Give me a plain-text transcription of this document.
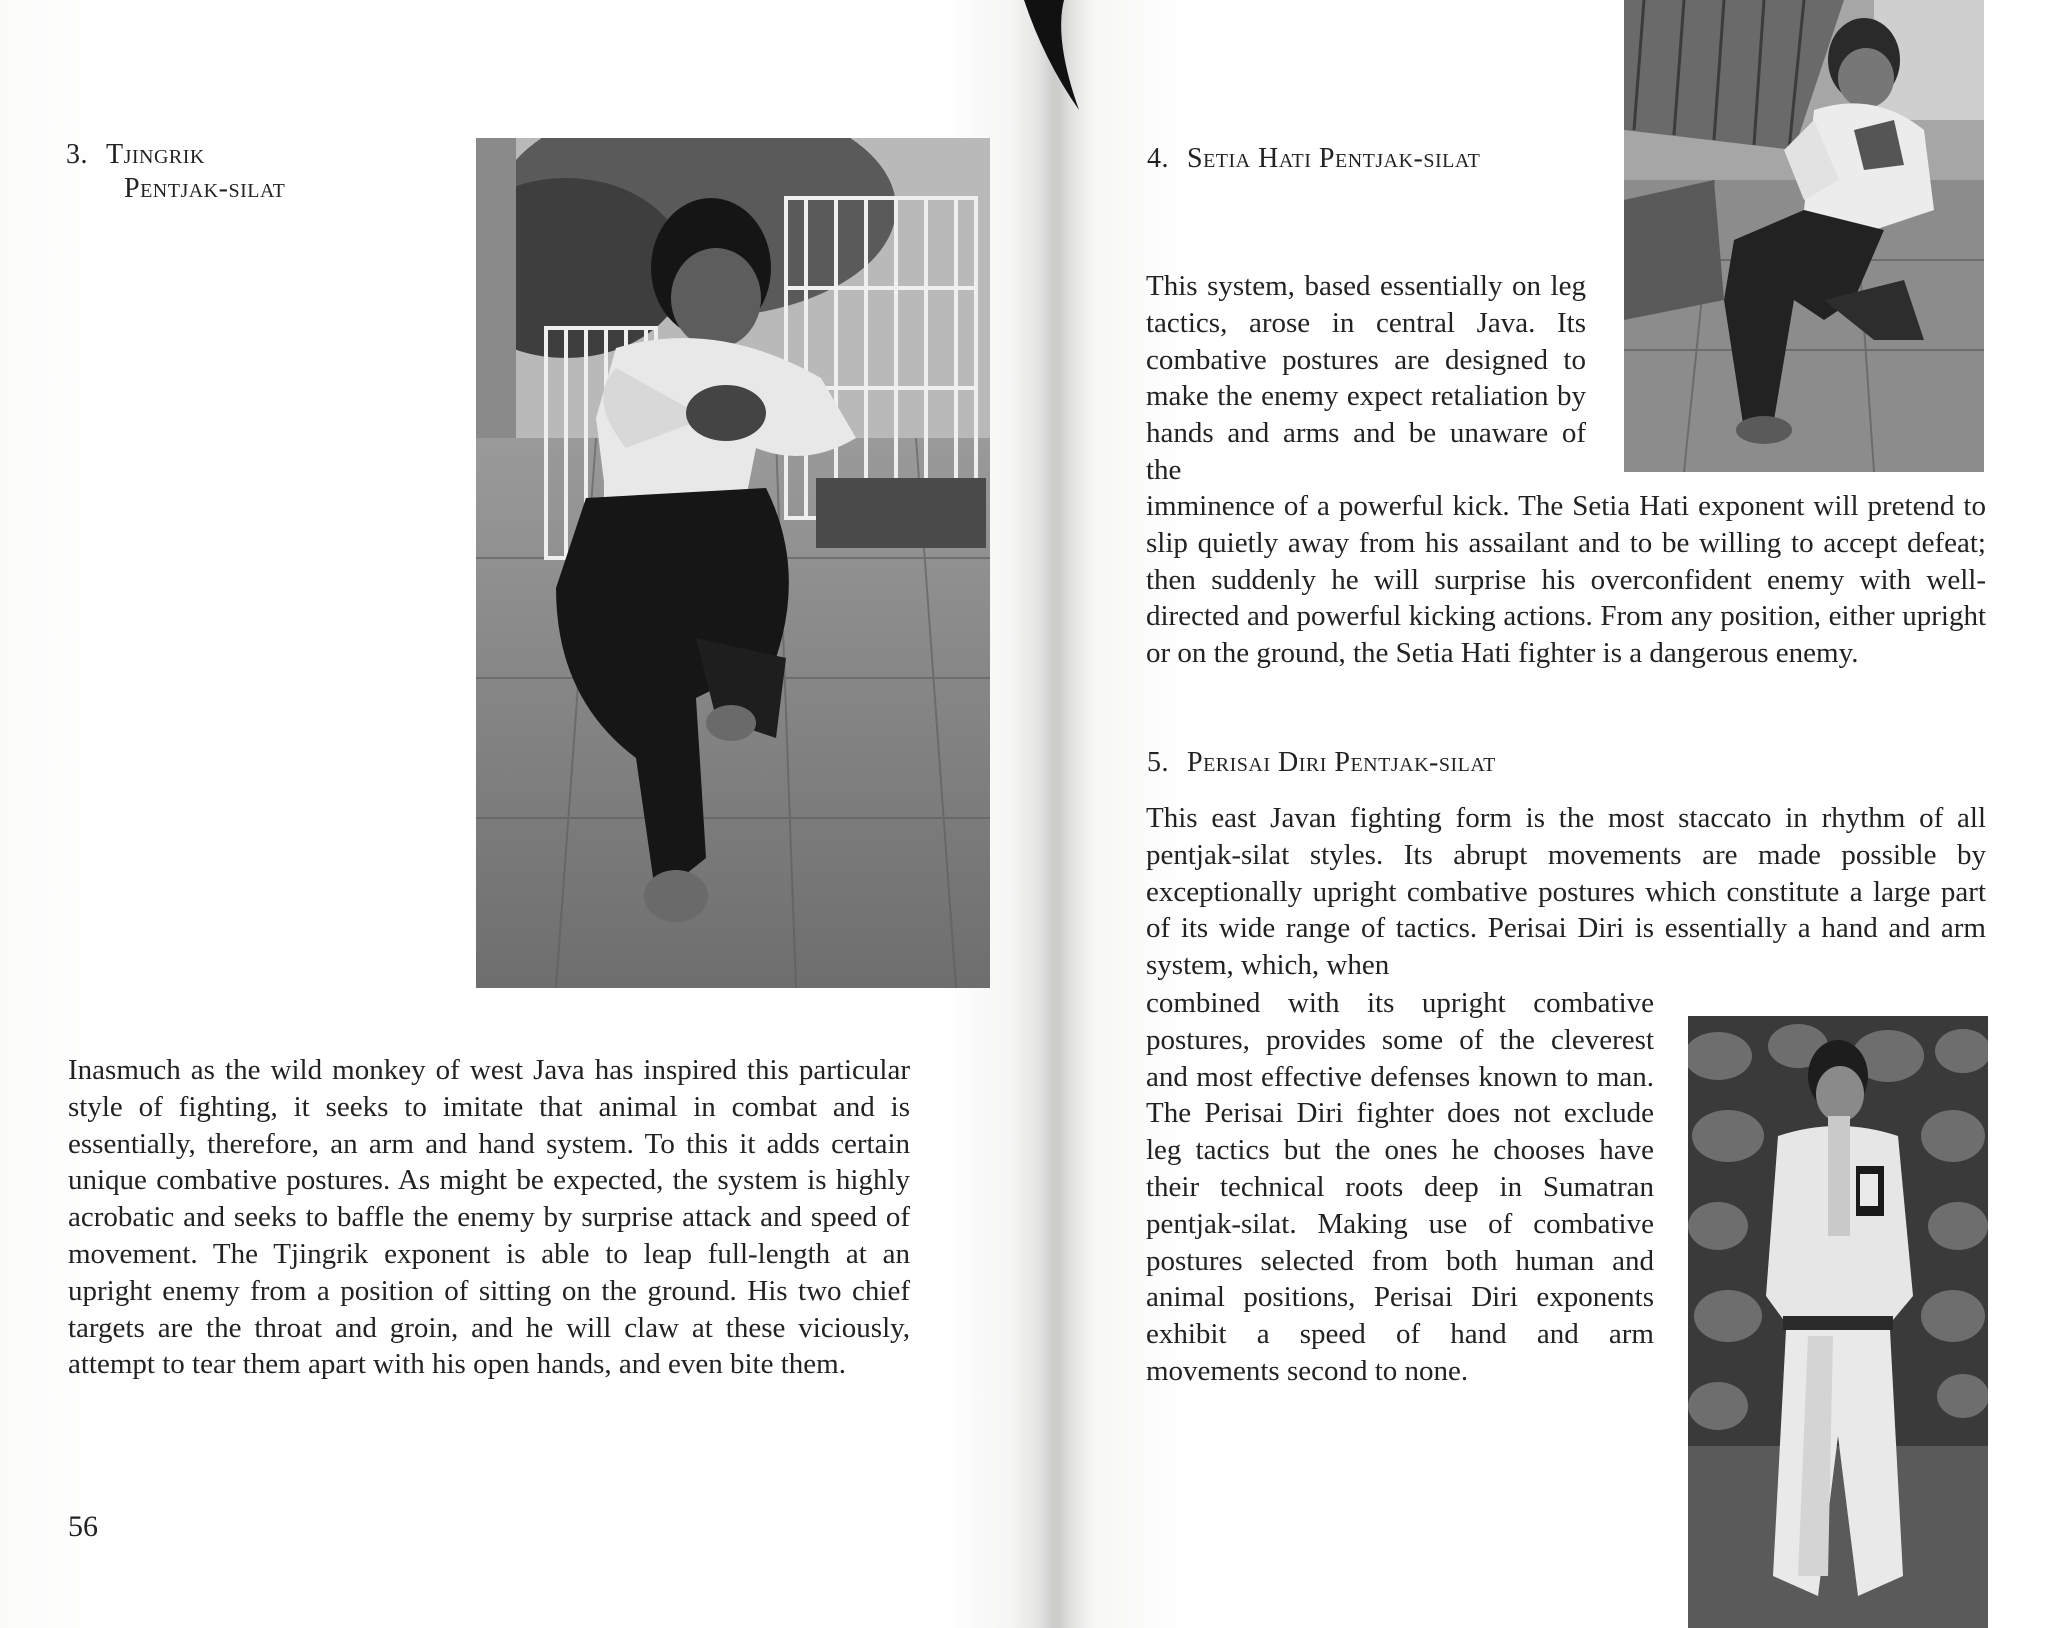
3. Tjingrik
Pentjak-silat
Inasmuch as the wild monkey of west Java has inspired this particular style of fighting, it seeks to imitate that animal in combat and is essentially, therefore, an arm and hand system. To this it adds certain unique combative postures. As might be expected, the system is highly acrobatic and seeks to baffle the enemy by surprise attack and speed of movement. The Tjingrik exponent is able to leap full-length at an upright enemy from a position of sitting on the ground. His two chief targets are the throat and groin, and he will claw at these viciously, attempt to tear them apart with his open hands, and even bite them.
56
4. Setia Hati Pentjak-silat
This system, based essentially on leg tactics, arose in central Java. Its combative postures are designed to make the enemy expect retaliation by hands and arms and be unaware of the
imminence of a powerful kick. The Setia Hati exponent will pretend to slip quietly away from his assailant and to be willing to accept defeat; then suddenly he will surprise his overconfident enemy with well-directed and powerful kicking actions. From any position, either upright or on the ground, the Setia Hati fighter is a dangerous enemy.
5. Perisai Diri Pentjak-silat
This east Javan fighting form is the most staccato in rhythm of all pentjak-silat styles. Its abrupt movements are made possible by exceptionally upright combative postures which constitute a large part of its wide range of tactics. Perisai Diri is essentially a hand and arm system, which, when
combined with its upright combative postures, provides some of the cleverest and most effective defenses known to man. The Perisai Diri fighter does not exclude leg tactics but the ones he chooses have their technical roots deep in Sumatran pentjak-silat. Making use of combative postures selected from both human and animal positions, Perisai Diri exponents exhibit a speed of hand and arm movements second to none.
